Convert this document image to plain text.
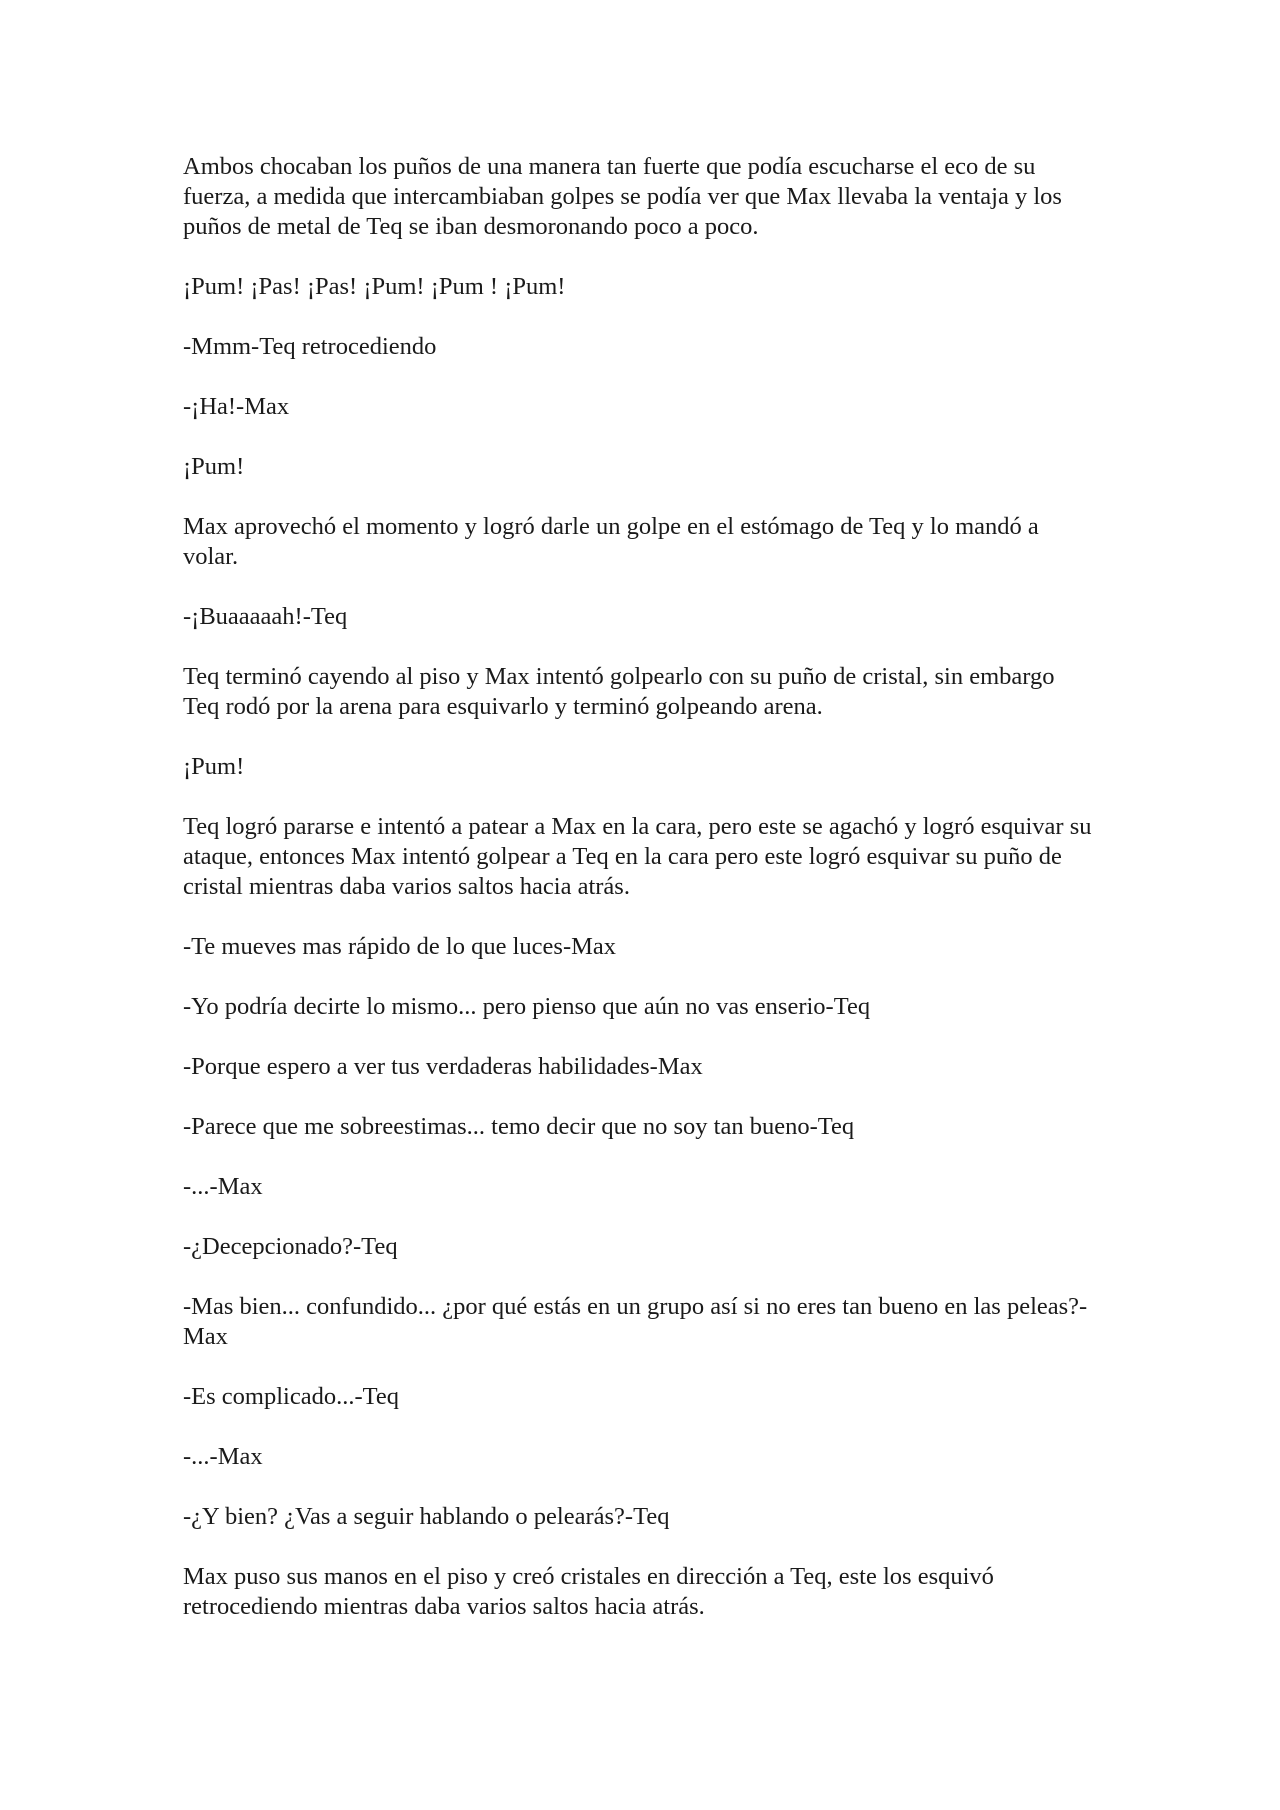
Ambos chocaban los puños de una manera tan fuerte que podía escucharse el eco de su fuerza, a medida que intercambiaban golpes se podía ver que Max llevaba la ventaja y los puños de metal de Teq se iban desmoronando poco a poco.

¡Pum! ¡Pas! ¡Pas! ¡Pum! ¡Pum ! ¡Pum!

-Mmm-Teq retrocediendo

-¡Ha!-Max

¡Pum!

Max aprovechó el momento y logró darle un golpe en el estómago de Teq y lo mandó a volar.

-¡Buaaaaah!-Teq

Teq terminó cayendo al piso y Max intentó golpearlo con su puño de cristal, sin embargo Teq rodó por la arena para esquivarlo y terminó golpeando arena.

¡Pum!

Teq logró pararse e intentó a patear a Max en la cara, pero este se agachó y logró esquivar su ataque, entonces Max intentó golpear a Teq en la cara pero este logró esquivar su puño de cristal mientras daba varios saltos hacia atrás.

-Te mueves mas rápido de lo que luces-Max

-Yo podría decirte lo mismo... pero pienso que aún no vas enserio-Teq

-Porque espero a ver tus verdaderas habilidades-Max

-Parece que me sobreestimas... temo decir que no soy tan bueno-Teq

-...-Max

-¿Decepcionado?-Teq

-Mas bien... confundido... ¿por qué estás en un grupo así si no eres tan bueno en las peleas?-Max

-Es complicado...-Teq

-...-Max

-¿Y bien? ¿Vas a seguir hablando o pelearás?-Teq

Max puso sus manos en el piso y creó cristales en dirección a Teq, este los esquivó retrocediendo mientras daba varios saltos hacia atrás.
